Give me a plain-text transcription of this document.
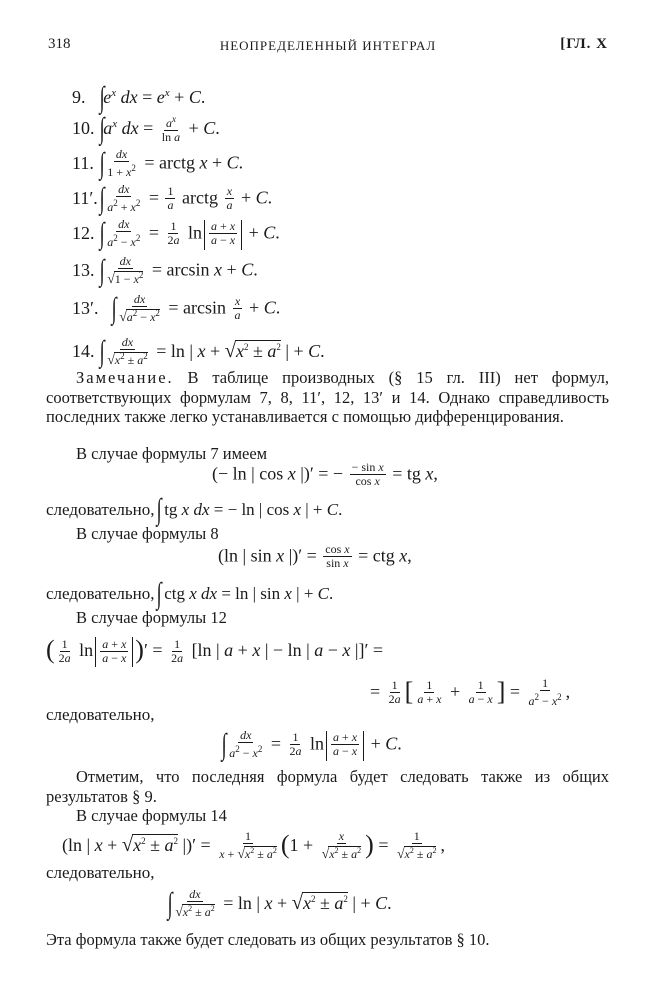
318	НЕОПРЕДЕЛЕННЫЙ ИНТЕГРАЛ	[ГЛ. X
9. $\int e^x$ dx = $e^x + C$.
10. $\int a^x$ dx = $\frac{a^x}{\text{ln a}} + C$.
11. ∫ $\frac{dx}{1 + x^2}$ = arctg x + C.
$11'.\int \frac{dx}{a^2 + x^2} = \frac{1}{a}$ arctg $\frac{x}{a} + C$.
12. ∫ $\frac{dx}{a^2 - x^2} = \frac{1}{2a}$ $\ln \frac{a + x}{a - x} + C$.
13. ∫ $\frac{dx}{√1 - x^2} = \arcsin x + C$.
13′. ∫ $\frac{dx}{√a^2 - x^2} = \arcsin \frac{x}{a} + C$.
14. ∫ $\frac{dx}{√x^2 \pm a^2} = \ln$ | $x + √x^2 \pm a^2$ | + C.
Замечание. В таблице производных (§ 15 гл. III) нет формул, соответствующих формулам 7, 8, 11′, 12, 13′ и 14. Однако справедливость последних также легко устанавливается с помощью дифференцирования.
В случае формулы 7 имеем
(− ln | cos x |)′ = − $\frac{\text{− sin x}}{\text{cos x}}$ = tg x,
следовательно, ∫ tg x dx = − ln | cos x | + C.
В случае формулы 8
(ln | sin x |)′ = $\frac{\text{cos x}}{\text{sin x}}$ = ctg x,
следовательно, ∫ ctg x dx = ln | sin x | + C.
В случае формулы 12
( $\frac{1}{2a}$ $\ln \frac{a + x}{a - x}$ )′ = $\frac{1}{2a} [\ln$ | a + x | − ln | a − x |]′ =
= $\frac{1}{2a}$ [ $\frac{1}{a + x} + \frac{1}{a - x}$ ] = $\frac{1}{a^2 - x^2}$ ,
следовательно,
∫ $\frac{dx}{a^2 - x^2} = \frac{1}{2a}$ $\ln \frac{a + x}{a - x} + C$.
Отметим, что последняя формула будет следовать также из общих результатов § 9.
В случае формулы 14
(ln | $x + √x^2 \pm a^2$ |)′ = $\frac{1}{x + √x^2 \pm a^2} (1 + \frac{x}{√x^2 \pm a^2}$ ) = $\frac{1}{√x^2 \pm a^2}$ ,
следовательно,
∫ $\frac{dx}{√x^2 \pm a^2} = \ln$ | $x + √x^2 \pm a^2$ | + C.
Эта формула также будет следовать из общих результатов § 10.
